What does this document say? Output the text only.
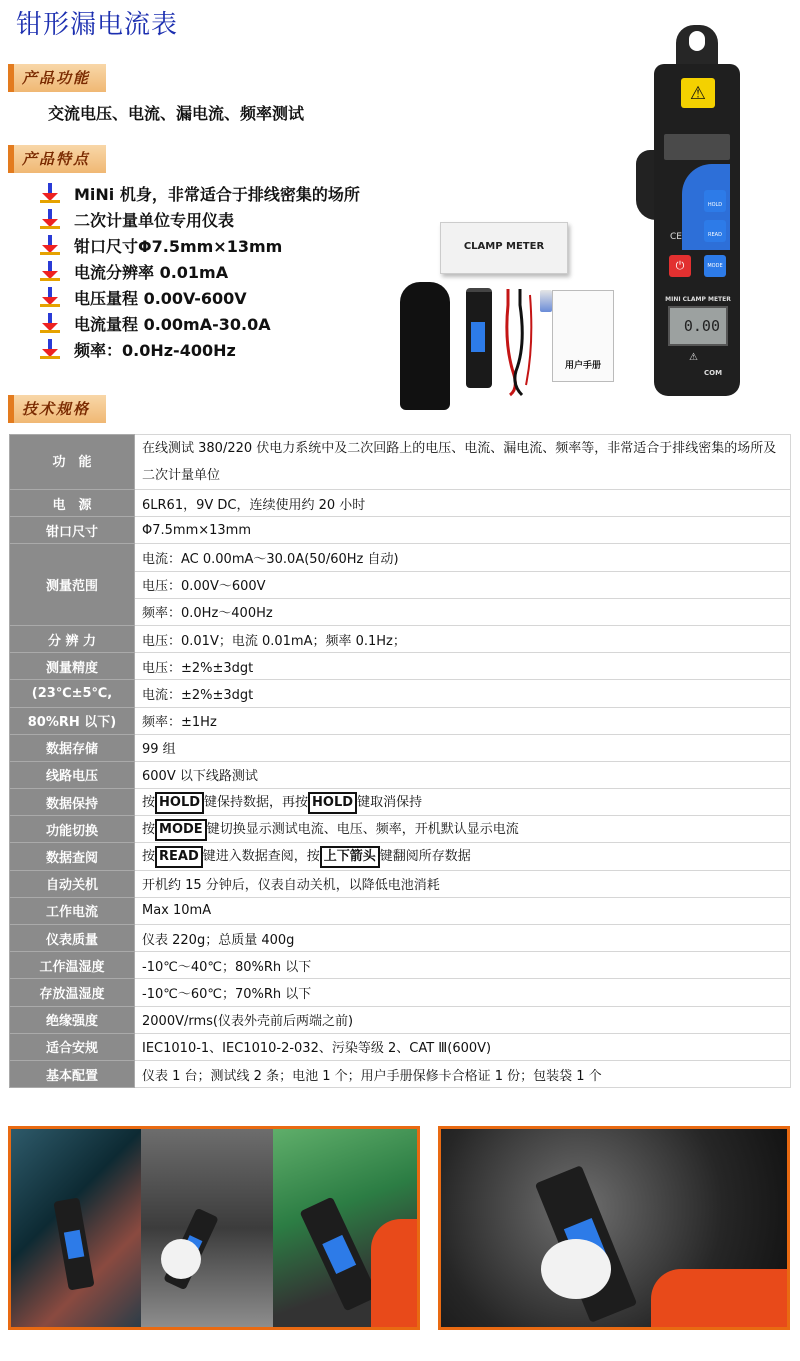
钳形漏电流表
产品功能
交流电压、电流、漏电流、频率测试
产品特点
MiNi 机身，非常适合于排线密集的场所
二次计量单位专用仪表
钳口尺寸Φ7.5mm×13mm
电流分辨率 0.01mA
电压量程 0.00V-600V
电流量程 0.00mA-30.0A
频率：0.0Hz-400Hz
CLAMP METER
用户手册
⚠
HOLD
READ
CE
⏻	MODE
MINI CLAMP METER
0.00
⚠
COM
技术规格
功　能	在线测试 380/220 伏电力系统中及二次回路上的电压、电流、漏电流、频率等，非常适合于排线密集的场所及二次计量单位
电　源	6LR61，9V DC，连续使用约 20 小时
钳口尺寸	Φ7.5mm×13mm
测量范围	电流：AC 0.00mA～30.0A(50/60Hz 自动)
	电压：0.00V～600V
	频率：0.0Hz～400Hz
分 辨 力	电压：0.01V；电流 0.01mA；频率 0.1Hz；
测量精度	电压：±2%±3dgt
(23℃±5℃,	电流：±2%±3dgt
80%RH 以下)	频率：±1Hz
数据存储	99 组
线路电压	600V 以下线路测试
数据保持	按 HOLD 键保持数据，再按 HOLD 键取消保持
功能切换	按 MODE 键切换显示测试电流、电压、频率，开机默认显示电流
数据查阅	按 READ 键进入数据查阅，按 上下箭头 键翻阅所存数据
自动关机	开机约 15 分钟后，仪表自动关机，以降低电池消耗
工作电流	Max 10mA
仪表质量	仪表 220g；总质量 400g
工作温湿度	-10℃～40℃；80%Rh 以下
存放温湿度	-10℃～60℃；70%Rh 以下
绝缘强度	2000V/rms(仪表外壳前后两端之前)
适合安规	IEC1010-1、IEC1010-2-032、污染等级 2、CAT Ⅲ(600V)
基本配置	仪表 1 台；测试线 2 条；电池 1 个；用户手册保修卡合格证 1 份；包装袋 1 个
